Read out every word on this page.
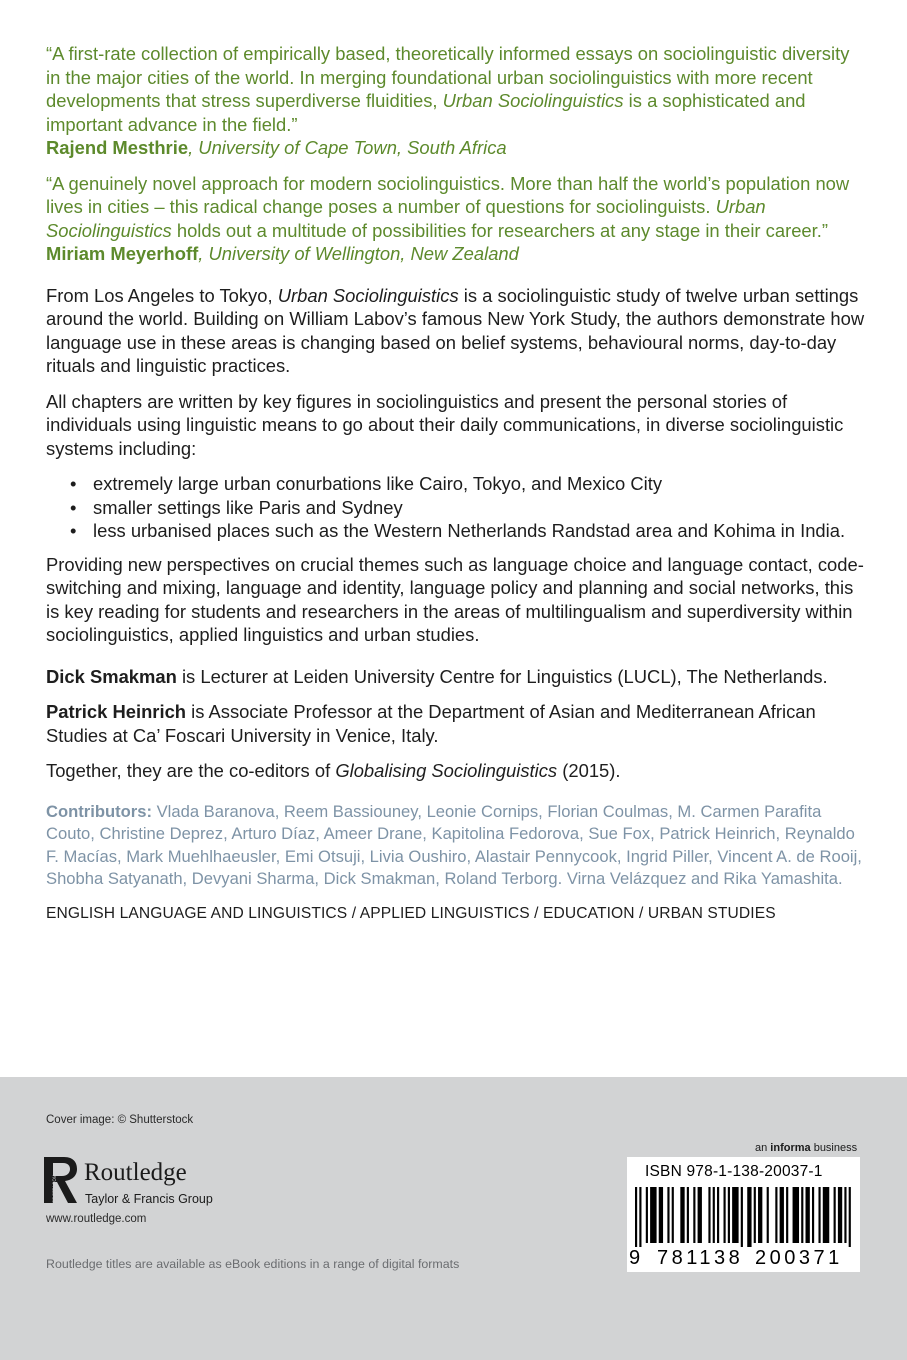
“A first-rate collection of empirically based, theoretically informed essays on sociolinguistic diversity in the major cities of the world. In merging foundational urban sociolinguistics with more recent developments that stress superdiverse fluidities, Urban Sociolinguistics is a sophisticated and important advance in the field.”
Rajend Mesthrie, University of Cape Town, South Africa

“A genuinely novel approach for modern sociolinguistics. More than half the world’s population now lives in cities – this radical change poses a number of questions for sociolinguists. Urban Sociolinguistics holds out a multitude of possibilities for researchers at any stage in their career.”
Miriam Meyerhoff, University of Wellington, New Zealand

From Los Angeles to Tokyo, Urban Sociolinguistics is a sociolinguistic study of twelve urban settings around the world. Building on William Labov’s famous New York Study, the authors demonstrate how language use in these areas is changing based on belief systems, behavioural norms, day-to-day rituals and linguistic practices.

All chapters are written by key figures in sociolinguistics and present the personal stories of individuals using linguistic means to go about their daily communications, in diverse sociolinguistic systems including:

• extremely large urban conurbations like Cairo, Tokyo, and Mexico City
• smaller settings like Paris and Sydney
• less urbanised places such as the Western Netherlands Randstad area and Kohima in India.

Providing new perspectives on crucial themes such as language choice and language contact, code-switching and mixing, language and identity, language policy and planning and social networks, this is key reading for students and researchers in the areas of multilingualism and superdiversity within sociolinguistics, applied linguistics and urban studies.

Dick Smakman is Lecturer at Leiden University Centre for Linguistics (LUCL), The Netherlands.

Patrick Heinrich is Associate Professor at the Department of Asian and Mediterranean African Studies at Ca’ Foscari University in Venice, Italy.

Together, they are the co-editors of Globalising Sociolinguistics (2015).

Contributors: Vlada Baranova, Reem Bassiouney, Leonie Cornips, Florian Coulmas, M. Carmen Parafita Couto, Christine Deprez, Arturo Díaz, Ameer Drane, Kapitolina Fedorova, Sue Fox, Patrick Heinrich, Reynaldo F. Macías, Mark Muehlhaeusler, Emi Otsuji, Livia Oushiro, Alastair Pennycook, Ingrid Piller, Vincent A. de Rooij, Shobha Satyanath, Devyani Sharma, Dick Smakman, Roland Terborg. Virna Velázquez and Rika Yamashita.

ENGLISH LANGUAGE AND LINGUISTICS / APPLIED LINGUISTICS / EDUCATION / URBAN STUDIES
Cover image: © Shutterstock
ROUTLEDGE
Routledge
Taylor & Francis Group
www.routledge.com
Routledge titles are available as eBook editions in a range of digital formats
an informa business
ISBN 978-1-138-20037-1
9 781138 200371
